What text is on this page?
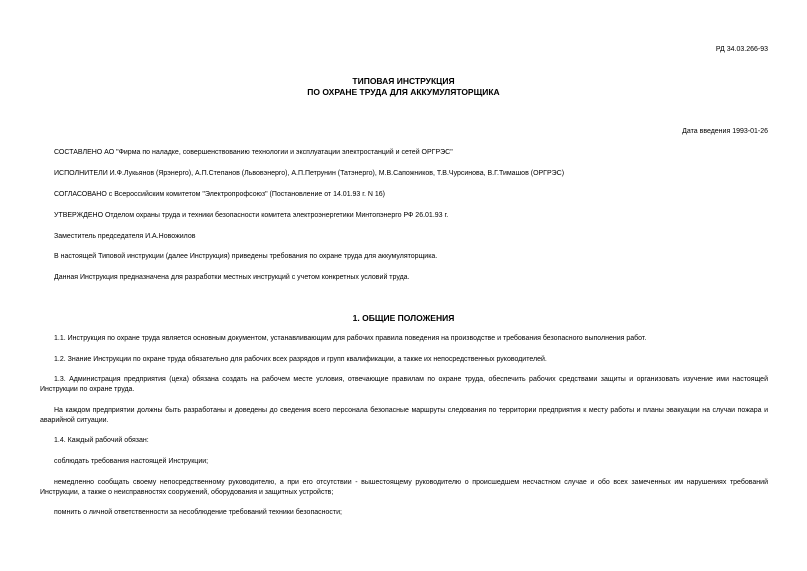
РД 34.03.266-93
ТИПОВАЯ ИНСТРУКЦИЯ
ПО ОХРАНЕ ТРУДА ДЛЯ АККУМУЛЯТОРЩИКА
Дата введения 1993-01-26

СОСТАВЛЕНО АО "Фирма по наладке, совершенствованию технологии и эксплуатации электростанций и сетей ОРГРЭС"

ИСПОЛНИТЕЛИ И.Ф.Лукьянов (Ярэнерго), А.П.Степанов (Львовэнерго), А.П.Петрунин (Татэнерго), М.В.Сапожников, Т.В.Чурсинова, В.Г.Тимашов (ОРГРЭС)

СОГЛАСОВАНО с Всероссийским комитетом "Электропрофсоюз" (Постановление от 14.01.93 г. N 16)

УТВЕРЖДЕНО Отделом охраны труда и техники безопасности комитета электроэнергетики Минтопэнерго РФ 26.01.93 г.

Заместитель председателя И.А.Новожилов

В настоящей Типовой инструкции (далее Инструкция) приведены требования по охране труда для аккумуляторщика.

Данная Инструкция предназначена для разработки местных инструкций с учетом конкретных условий труда.

1. ОБЩИЕ ПОЛОЖЕНИЯ

1.1. Инструкция по охране труда является основным документом, устанавливающим для рабочих правила поведения на производстве и требования безопасного выполнения работ.

1.2. Знание Инструкции по охране труда обязательно для рабочих всех разрядов и групп квалификации, а также их непосредственных руководителей.

1.3. Администрация предприятия (цеха) обязана создать на рабочем месте условия, отвечающие правилам по охране труда, обеспечить рабочих средствами защиты и организовать изучение ими настоящей Инструкции по охране труда.

На каждом предприятии должны быть разработаны и доведены до сведения всего персонала безопасные маршруты следования по территории предприятия к месту работы и планы эвакуации на случаи пожара и аварийной ситуации.

1.4. Каждый рабочий обязан:

соблюдать требования настоящей Инструкции;

немедленно сообщать своему непосредственному руководителю, а при его отсутствии - вышестоящему руководителю о происшедшем несчастном случае и обо всех замеченных им нарушениях требований Инструкции, а также о неисправностях сооружений, оборудования и защитных устройств;

помнить о личной ответственности за несоблюдение требований техники безопасности;
